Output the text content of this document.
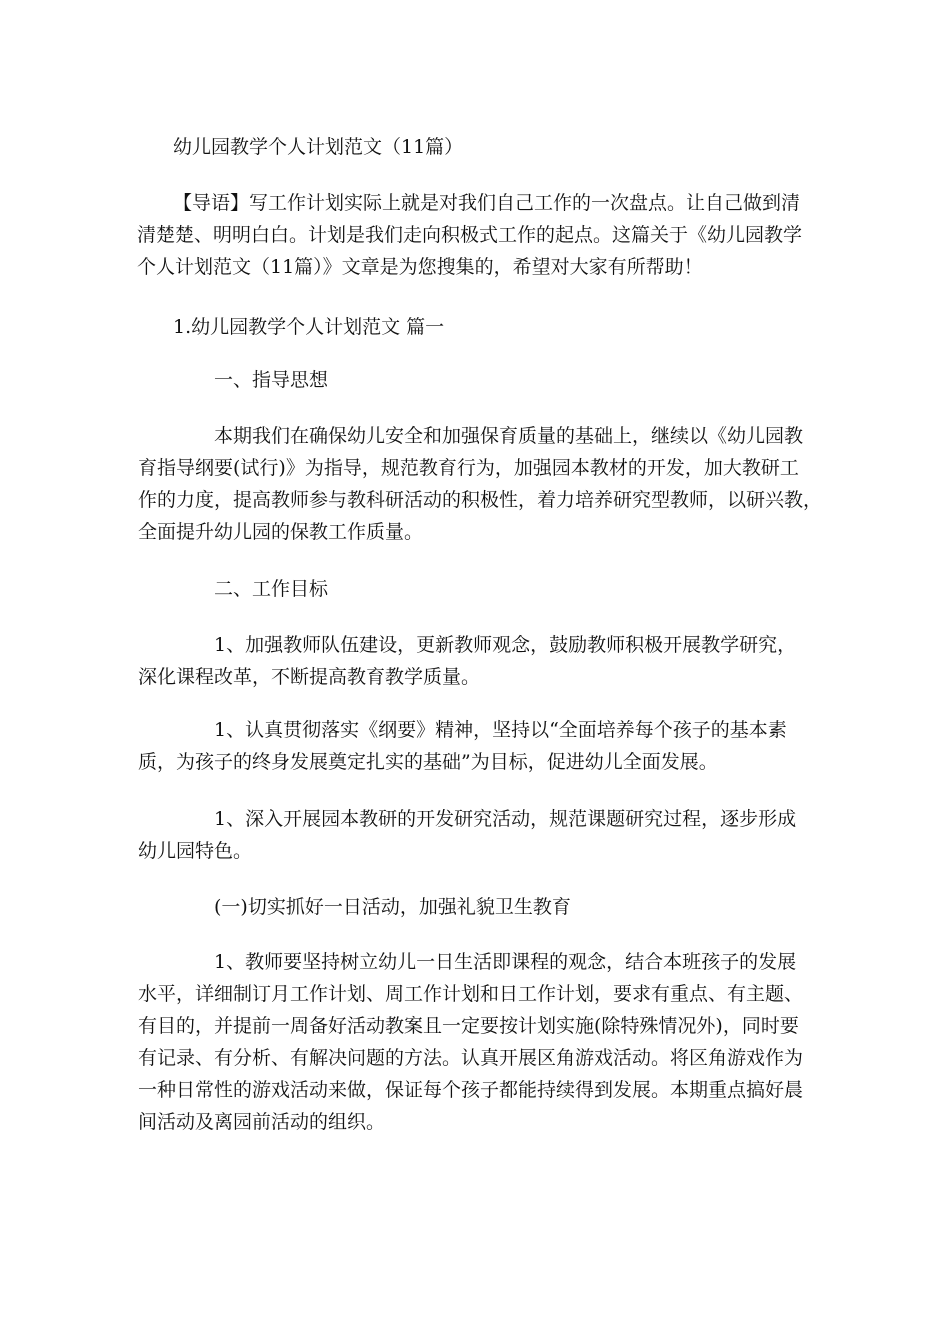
幼儿园教学个人计划范文（11篇）
【导语】写工作计划实际上就是对我们自己工作的一次盘点。让自己做到清
清楚楚、明明白白。计划是我们走向积极式工作的起点。这篇关于《幼儿园教学
个人计划范文（11篇）》文章是为您搜集的，希望对大家有所帮助！
1.幼儿园教学个人计划范文 篇一
一、指导思想
本期我们在确保幼儿安全和加强保育质量的基础上，继续以《幼儿园教
育指导纲要(试行)》为指导，规范教育行为，加强园本教材的开发，加大教研工
作的力度，提高教师参与教科研活动的积极性，着力培养研究型教师，以研兴教，
全面提升幼儿园的保教工作质量。
二、工作目标
1、加强教师队伍建设，更新教师观念，鼓励教师积极开展教学研究，
深化课程改革，不断提高教育教学质量。
1、认真贯彻落实《纲要》精神，坚持以“全面培养每个孩子的基本素
质，为孩子的终身发展奠定扎实的基础”为目标，促进幼儿全面发展。
1、深入开展园本教研的开发研究活动，规范课题研究过程，逐步形成
幼儿园特色。
(一)切实抓好一日活动，加强礼貌卫生教育
1、教师要坚持树立幼儿一日生活即课程的观念，结合本班孩子的发展
水平，详细制订月工作计划、周工作计划和日工作计划，要求有重点、有主题、
有目的，并提前一周备好活动教案且一定要按计划实施(除特殊情况外)，同时要
有记录、有分析、有解决问题的方法。认真开展区角游戏活动。将区角游戏作为
一种日常性的游戏活动来做，保证每个孩子都能持续得到发展。本期重点搞好晨
间活动及离园前活动的组织。
